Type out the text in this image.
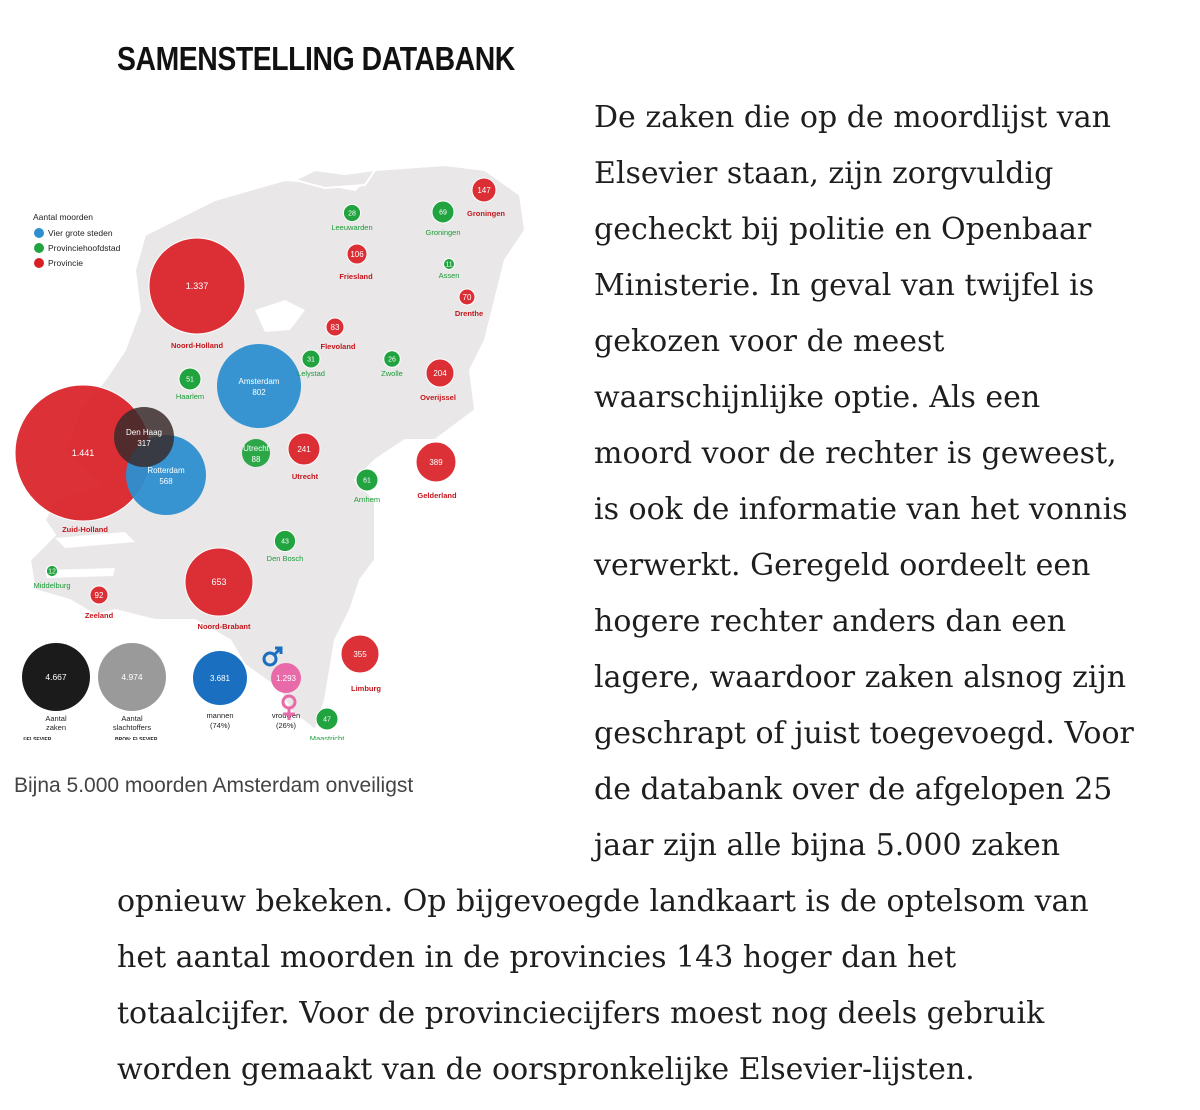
SAMENSTELLING DATABANK
Aantal moorden
Vier grote steden
Provinciehoofdstad
Provincie
1.441
Zuid-Holland
1.337
Noord-Holland
653
Noord-Brabant
389
Gelderland
355
Limburg
241
Utrecht
204
Overijssel
147
Groningen
106
Friesland
92
Zeeland
83
Flevoland
70
Drenthe
Amsterdam
802
Rotterdam
568
Den Haag
317
Utrecht
88
69
Groningen
61
Arnhem
51
Haarlem
47
Maastricht
43
Den Bosch
31
Lelystad
28
Leeuwarden
26
Zwolle
12
Middelburg
11
Assen
4.667
Aantal
zaken
4.974
Aantal
slachtoffers
©ELSEVIER	BRON: ELSEVIER
3.681
mannen
(74%)
1.293
vrouwen
(26%)
Bijna 5.000 moorden Amsterdam onveiligst
De zaken die op de moordlijst van
Elsevier staan, zijn zorgvuldig
gecheckt bij politie en Openbaar
Ministerie. In geval van twijfel is
gekozen voor de meest
waarschijnlijke optie. Als een
moord voor de rechter is geweest,
is ook de informatie van het vonnis
verwerkt. Geregeld oordeelt een
hogere rechter anders dan een
lagere, waardoor zaken alsnog zijn
geschrapt of juist toegevoegd. Voor
de databank over de afgelopen 25
jaar zijn alle bijna 5.000 zaken
opnieuw bekeken. Op bijgevoegde landkaart is de optelsom van
het aantal moorden in de provincies 143 hoger dan het
totaalcijfer. Voor de provinciecijfers moest nog deels gebruik
worden gemaakt van de oorspronkelijke Elsevier-lijsten.
